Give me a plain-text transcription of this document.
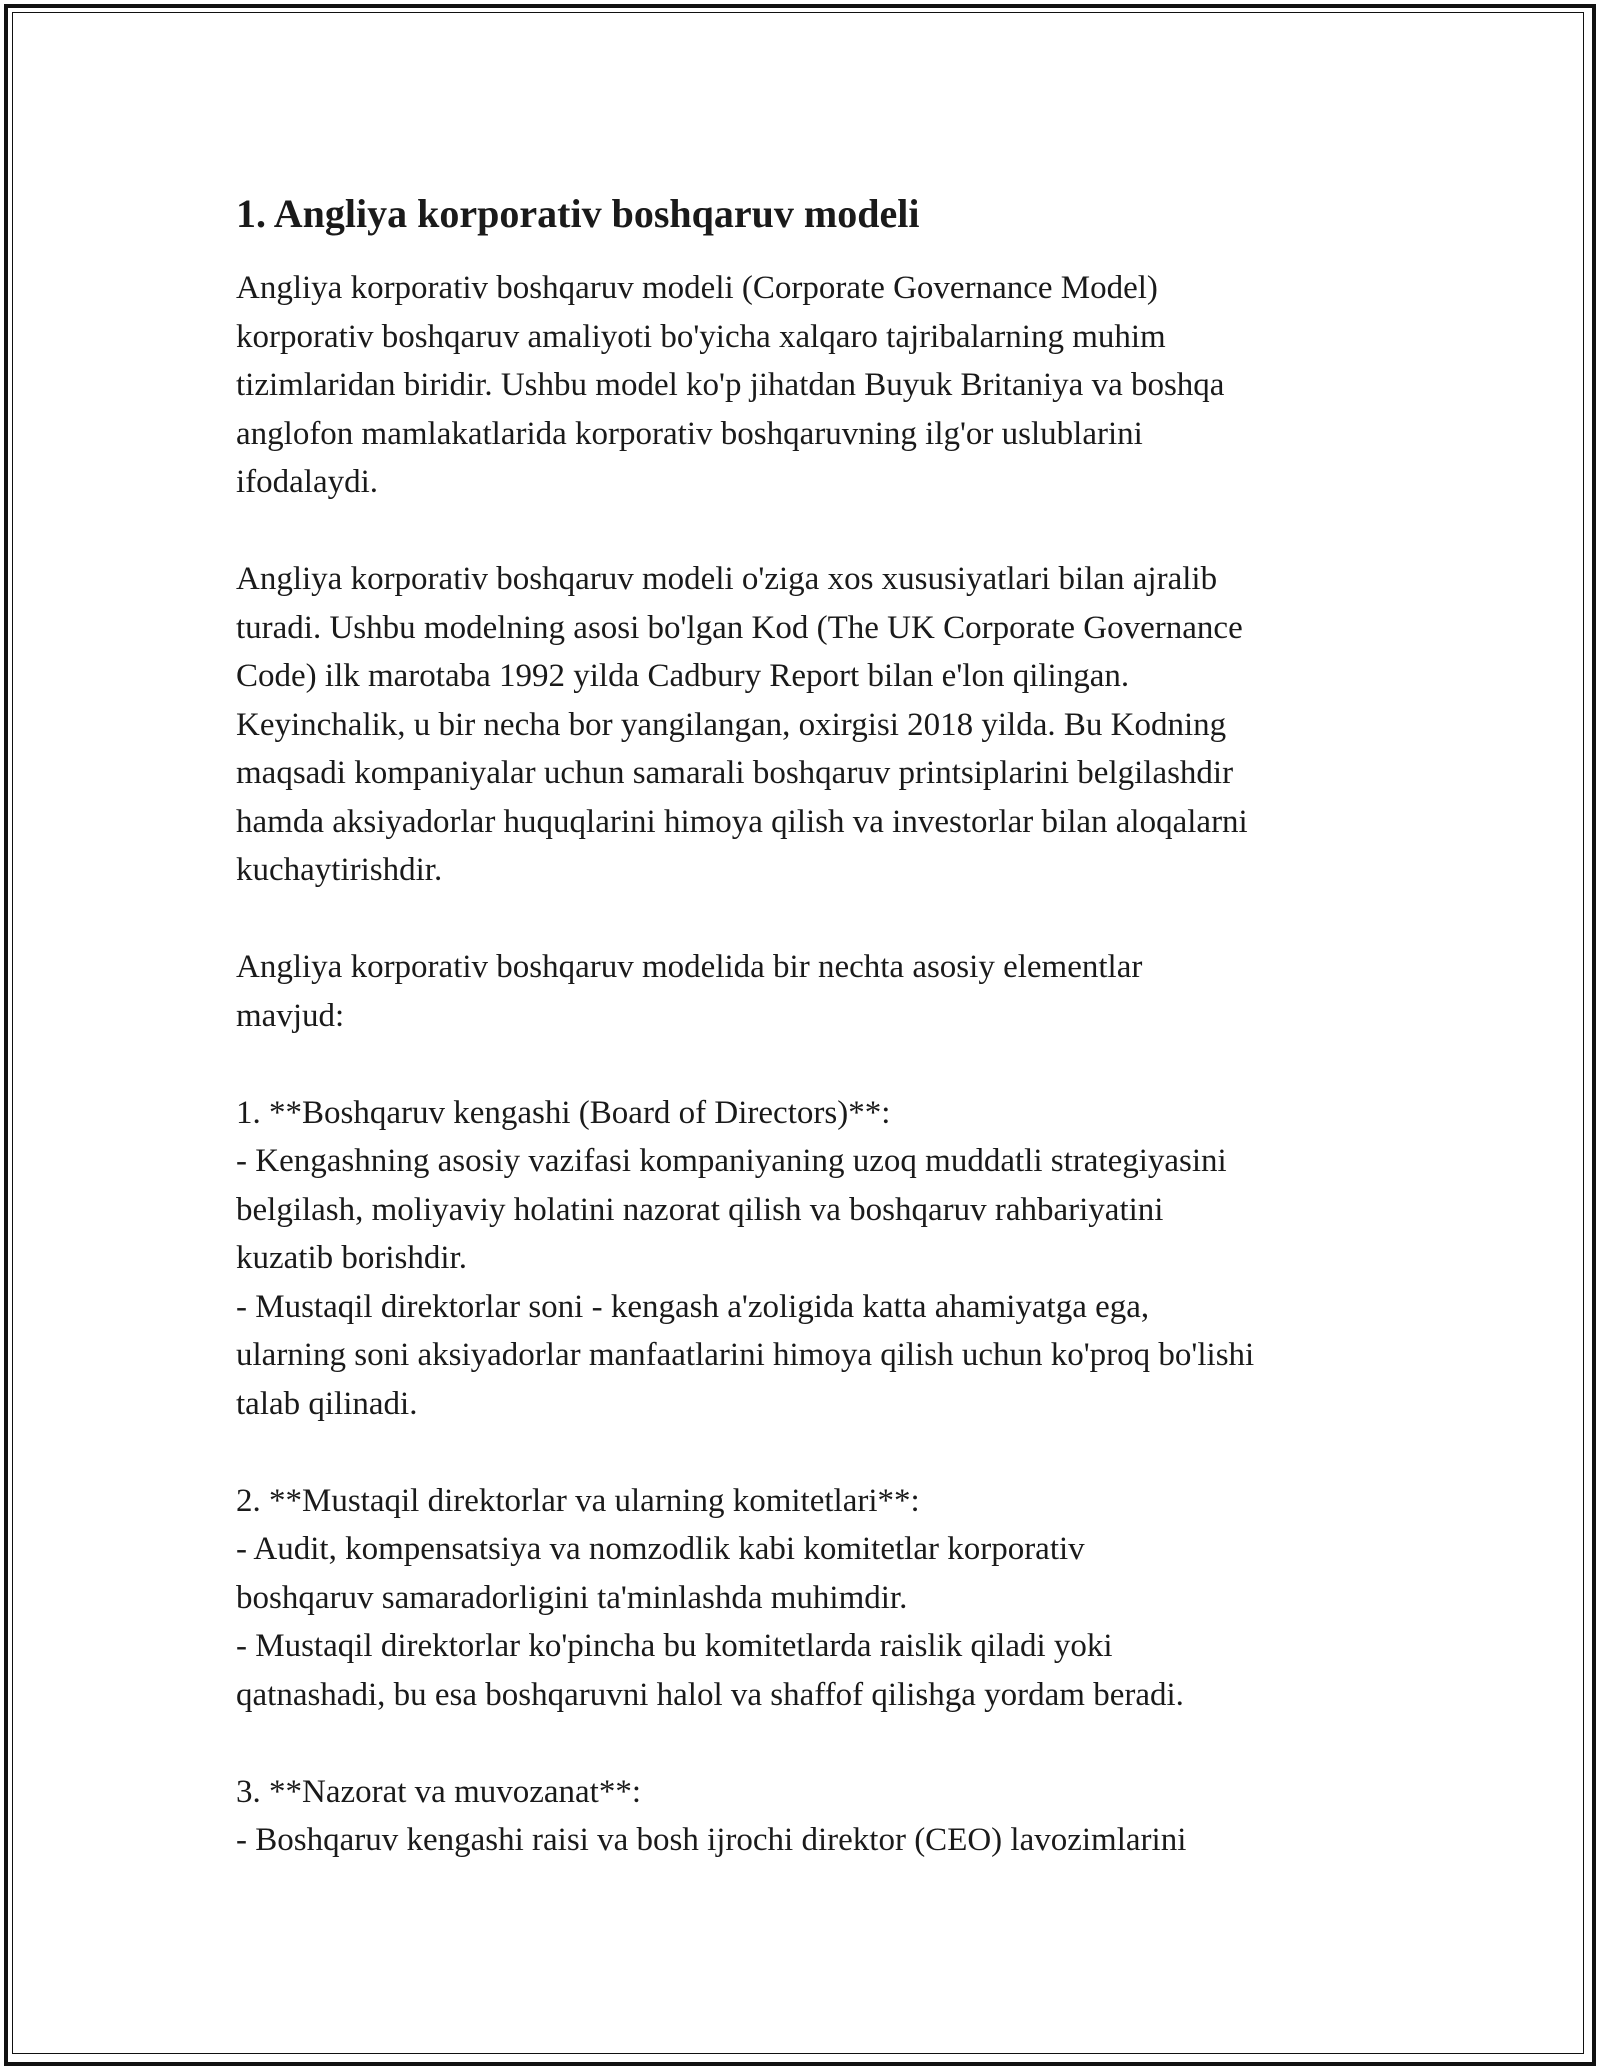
1. Angliya korporativ boshqaruv modeli

Angliya korporativ boshqaruv modeli (Corporate Governance Model)
korporativ boshqaruv amaliyoti bo'yicha xalqaro tajribalarning muhim
tizimlaridan biridir. Ushbu model ko'p jihatdan Buyuk Britaniya va boshqa
anglofon mamlakatlarida korporativ boshqaruvning ilg'or uslublarini
ifodalaydi.

Angliya korporativ boshqaruv modeli o'ziga xos xususiyatlari bilan ajralib
turadi. Ushbu modelning asosi bo'lgan Kod (The UK Corporate Governance
Code) ilk marotaba 1992 yilda Cadbury Report bilan e'lon qilingan.
Keyinchalik, u bir necha bor yangilangan, oxirgisi 2018 yilda. Bu Kodning
maqsadi kompaniyalar uchun samarali boshqaruv printsiplarini belgilashdir
hamda aksiyadorlar huquqlarini himoya qilish va investorlar bilan aloqalarni
kuchaytirishdir.

Angliya korporativ boshqaruv modelida bir nechta asosiy elementlar
mavjud:

1. **Boshqaruv kengashi (Board of Directors)**:
- Kengashning asosiy vazifasi kompaniyaning uzoq muddatli strategiyasini
belgilash, moliyaviy holatini nazorat qilish va boshqaruv rahbariyatini
kuzatib borishdir.
- Mustaqil direktorlar soni - kengash a'zoligida katta ahamiyatga ega,
ularning soni aksiyadorlar manfaatlarini himoya qilish uchun ko'proq bo'lishi
talab qilinadi.

2. **Mustaqil direktorlar va ularning komitetlari**:
- Audit, kompensatsiya va nomzodlik kabi komitetlar korporativ
boshqaruv samaradorligini ta'minlashda muhimdir.
- Mustaqil direktorlar ko'pincha bu komitetlarda raislik qiladi yoki
qatnashadi, bu esa boshqaruvni halol va shaffof qilishga yordam beradi.

3. **Nazorat va muvozanat**:
- Boshqaruv kengashi raisi va bosh ijrochi direktor (CEO) lavozimlarini
